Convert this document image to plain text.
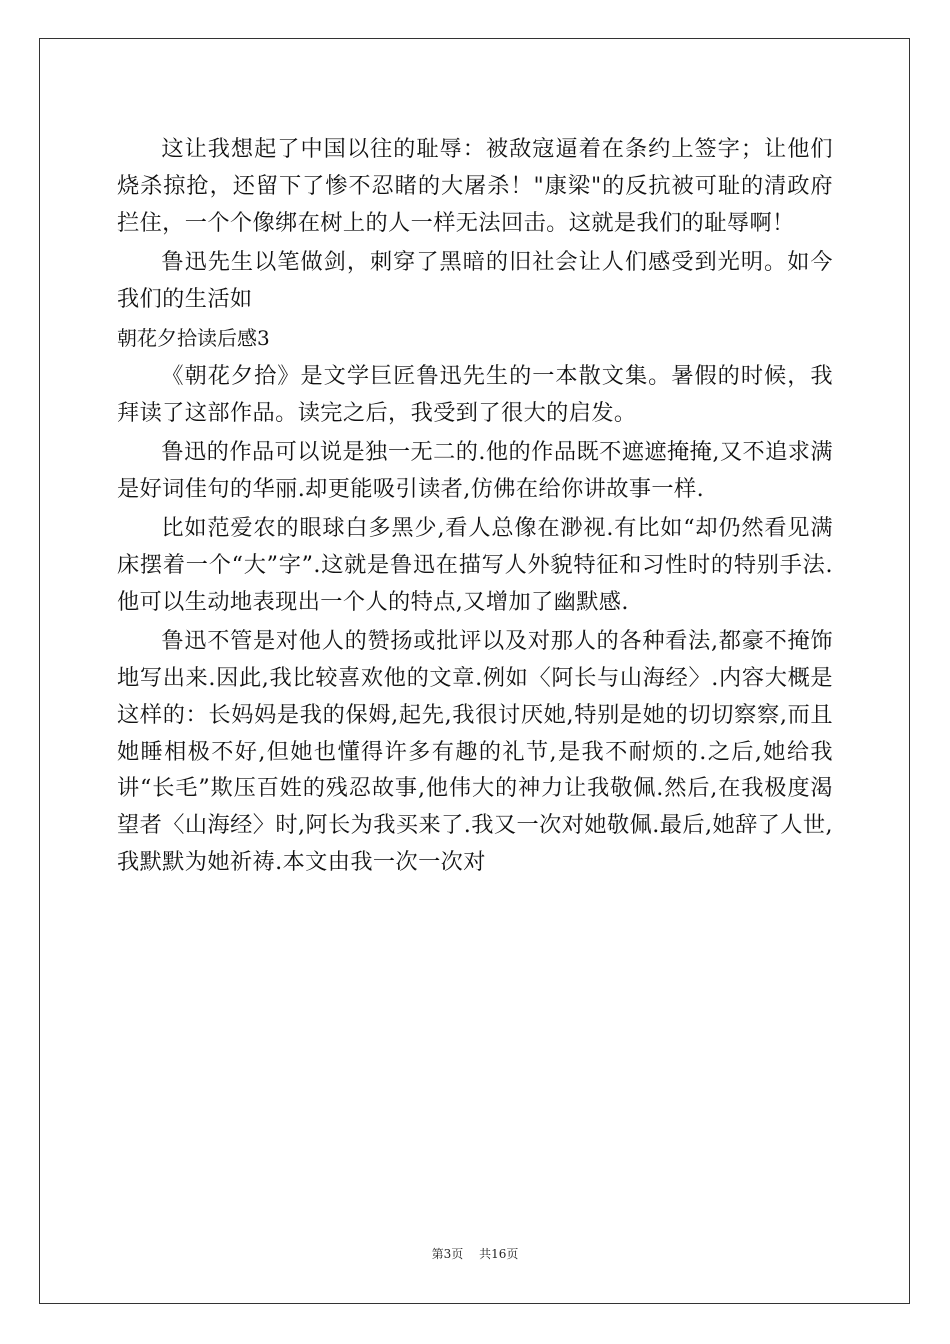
这让我想起了中国以往的耻辱：被敌寇逼着在条约上签字；让他们烧杀掠抢，还留下了惨不忍睹的大屠杀！"康梁"的反抗被可耻的清政府拦住，一个个像绑在树上的人一样无法回击。这就是我们的耻辱啊！

鲁迅先生以笔做剑，刺穿了黑暗的旧社会让人们感受到光明。如今我们的生活如

朝花夕拾读后感3

《朝花夕拾》是文学巨匠鲁迅先生的一本散文集。暑假的时候，我拜读了这部作品。读完之后，我受到了很大的启发。

鲁迅的作品可以说是独一无二的.他的作品既不遮遮掩掩,又不追求满是好词佳句的华丽.却更能吸引读者,仿佛在给你讲故事一样.

比如范爱农的眼球白多黑少,看人总像在渺视.有比如“却仍然看见满床摆着一个“大”字”.这就是鲁迅在描写人外貌特征和习性时的特别手法.他可以生动地表现出一个人的特点,又增加了幽默感.

鲁迅不管是对他人的赞扬或批评以及对那人的各种看法,都豪不掩饰地写出来.因此,我比较喜欢他的文章.例如〈阿长与山海经〉.内容大概是这样的：长妈妈是我的保姆,起先,我很讨厌她,特别是她的切切察察,而且她睡相极不好,但她也懂得许多有趣的礼节,是我不耐烦的.之后,她给我讲“长毛”欺压百姓的残忍故事,他伟大的神力让我敬佩.然后,在我极度渴望者〈山海经〉时,阿长为我买来了.我又一次对她敬佩.最后,她辞了人世,我默默为她祈祷.本文由我一次一次对

第3页 共16页
